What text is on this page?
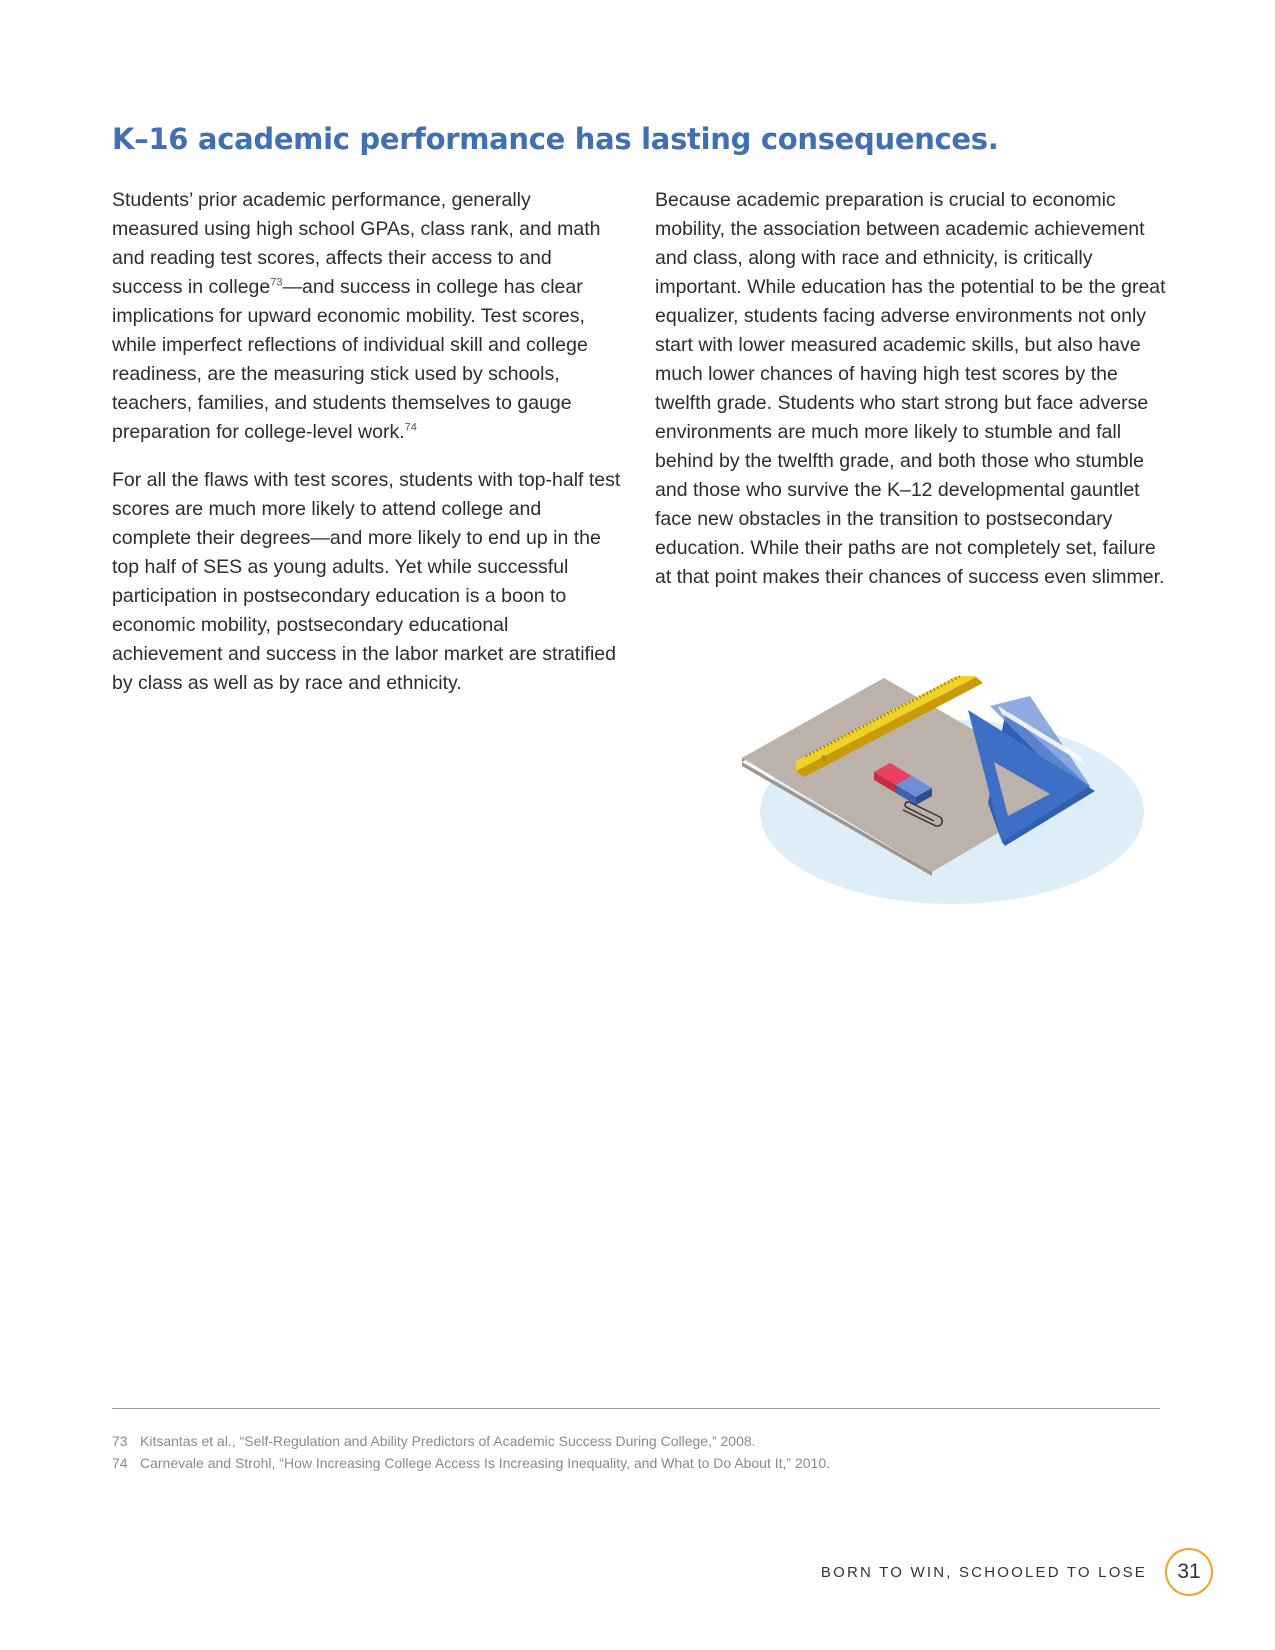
K–16 academic performance has lasting consequences.

Students’ prior academic performance, generally measured using high school GPAs, class rank, and math and reading test scores, affects their access to and success in college$^{73}$—and success in college has clear implications for upward economic mobility. Test scores, while imperfect reflections of individual skill and college readiness, are the measuring stick used by schools, teachers, families, and students themselves to gauge preparation for college-level work.$^{74}$

For all the flaws with test scores, students with top-half test scores are much more likely to attend college and complete their degrees—and more likely to end up in the top half of SES as young adults. Yet while successful participation in postsecondary education is a boon to economic mobility, postsecondary educational achievement and success in the labor market are stratified by class as well as by race and ethnicity.

Because academic preparation is crucial to economic mobility, the association between academic achievement and class, along with race and ethnicity, is critically important. While education has the potential to be the great equalizer, students facing adverse environments not only start with lower measured academic skills, but also have much lower chances of having high test scores by the twelfth grade. Students who start strong but face adverse environments are much more likely to stumble and fall behind by the twelfth grade, and both those who stumble and those who survive the K–12 developmental gauntlet face new obstacles in the transition to postsecondary education. While their paths are not completely set, failure at that point makes their chances of success even slimmer.

73 Kitsantas et al., “Self-Regulation and Ability Predictors of Academic Success During College,” 2008.
74 Carnevale and Strohl, “How Increasing College Access Is Increasing Inequality, and What to Do About It,” 2010.
BORN TO WIN, SCHOOLED TO LOSE	31
